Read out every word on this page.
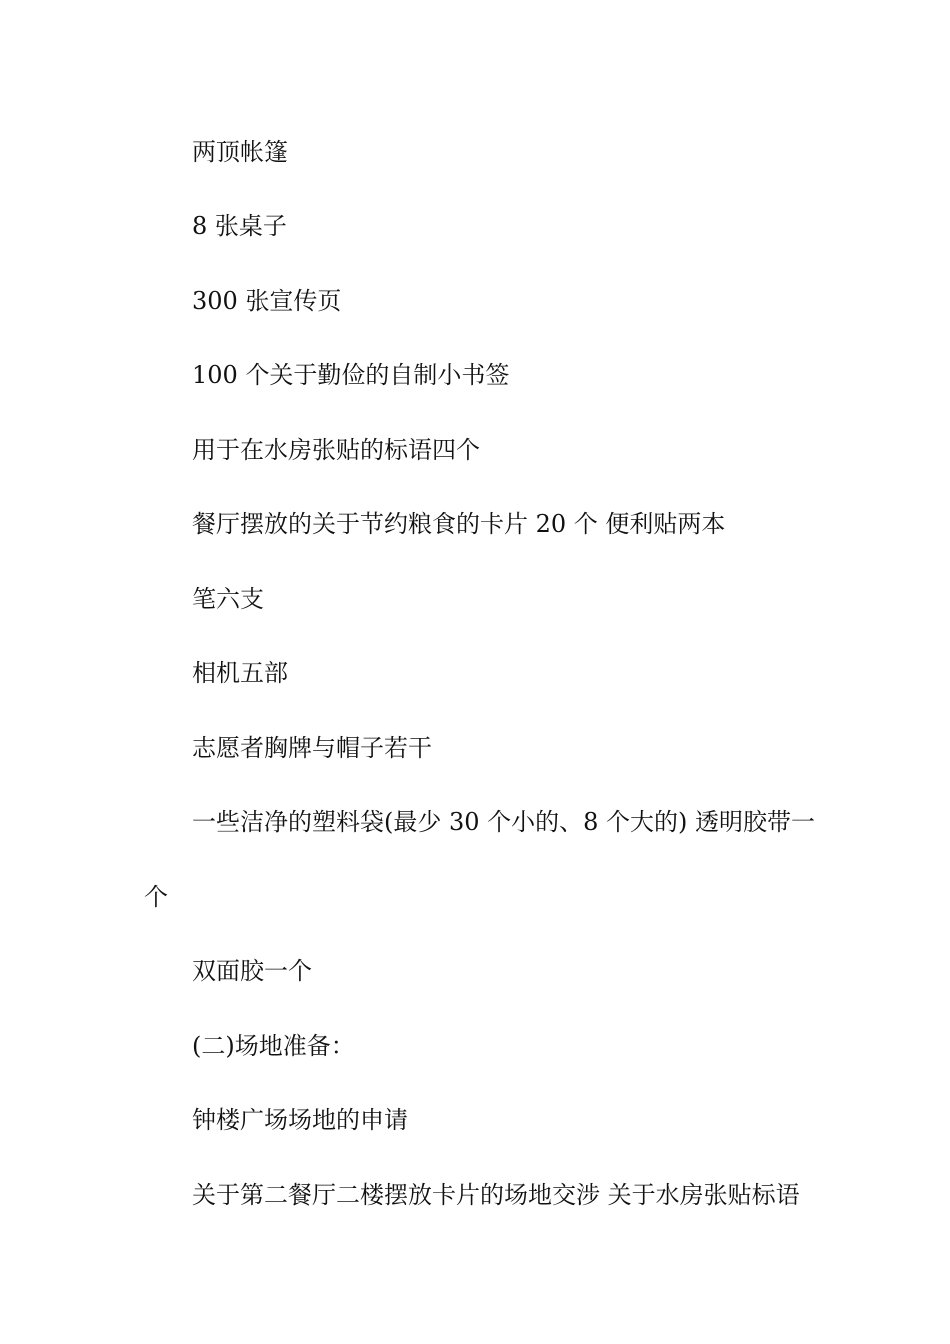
两顶帐篷
8 张桌子
300 张宣传页
100 个关于勤俭的自制小书签
用于在水房张贴的标语四个
餐厅摆放的关于节约粮食的卡片 20 个 便利贴两本
笔六支
相机五部
志愿者胸牌与帽子若干
一些洁净的塑料袋(最少 30 个小的、8 个大的) 透明胶带一
个
双面胶一个
(二)场地准备：
钟楼广场场地的申请
关于第二餐厅二楼摆放卡片的场地交涉 关于水房张贴标语
